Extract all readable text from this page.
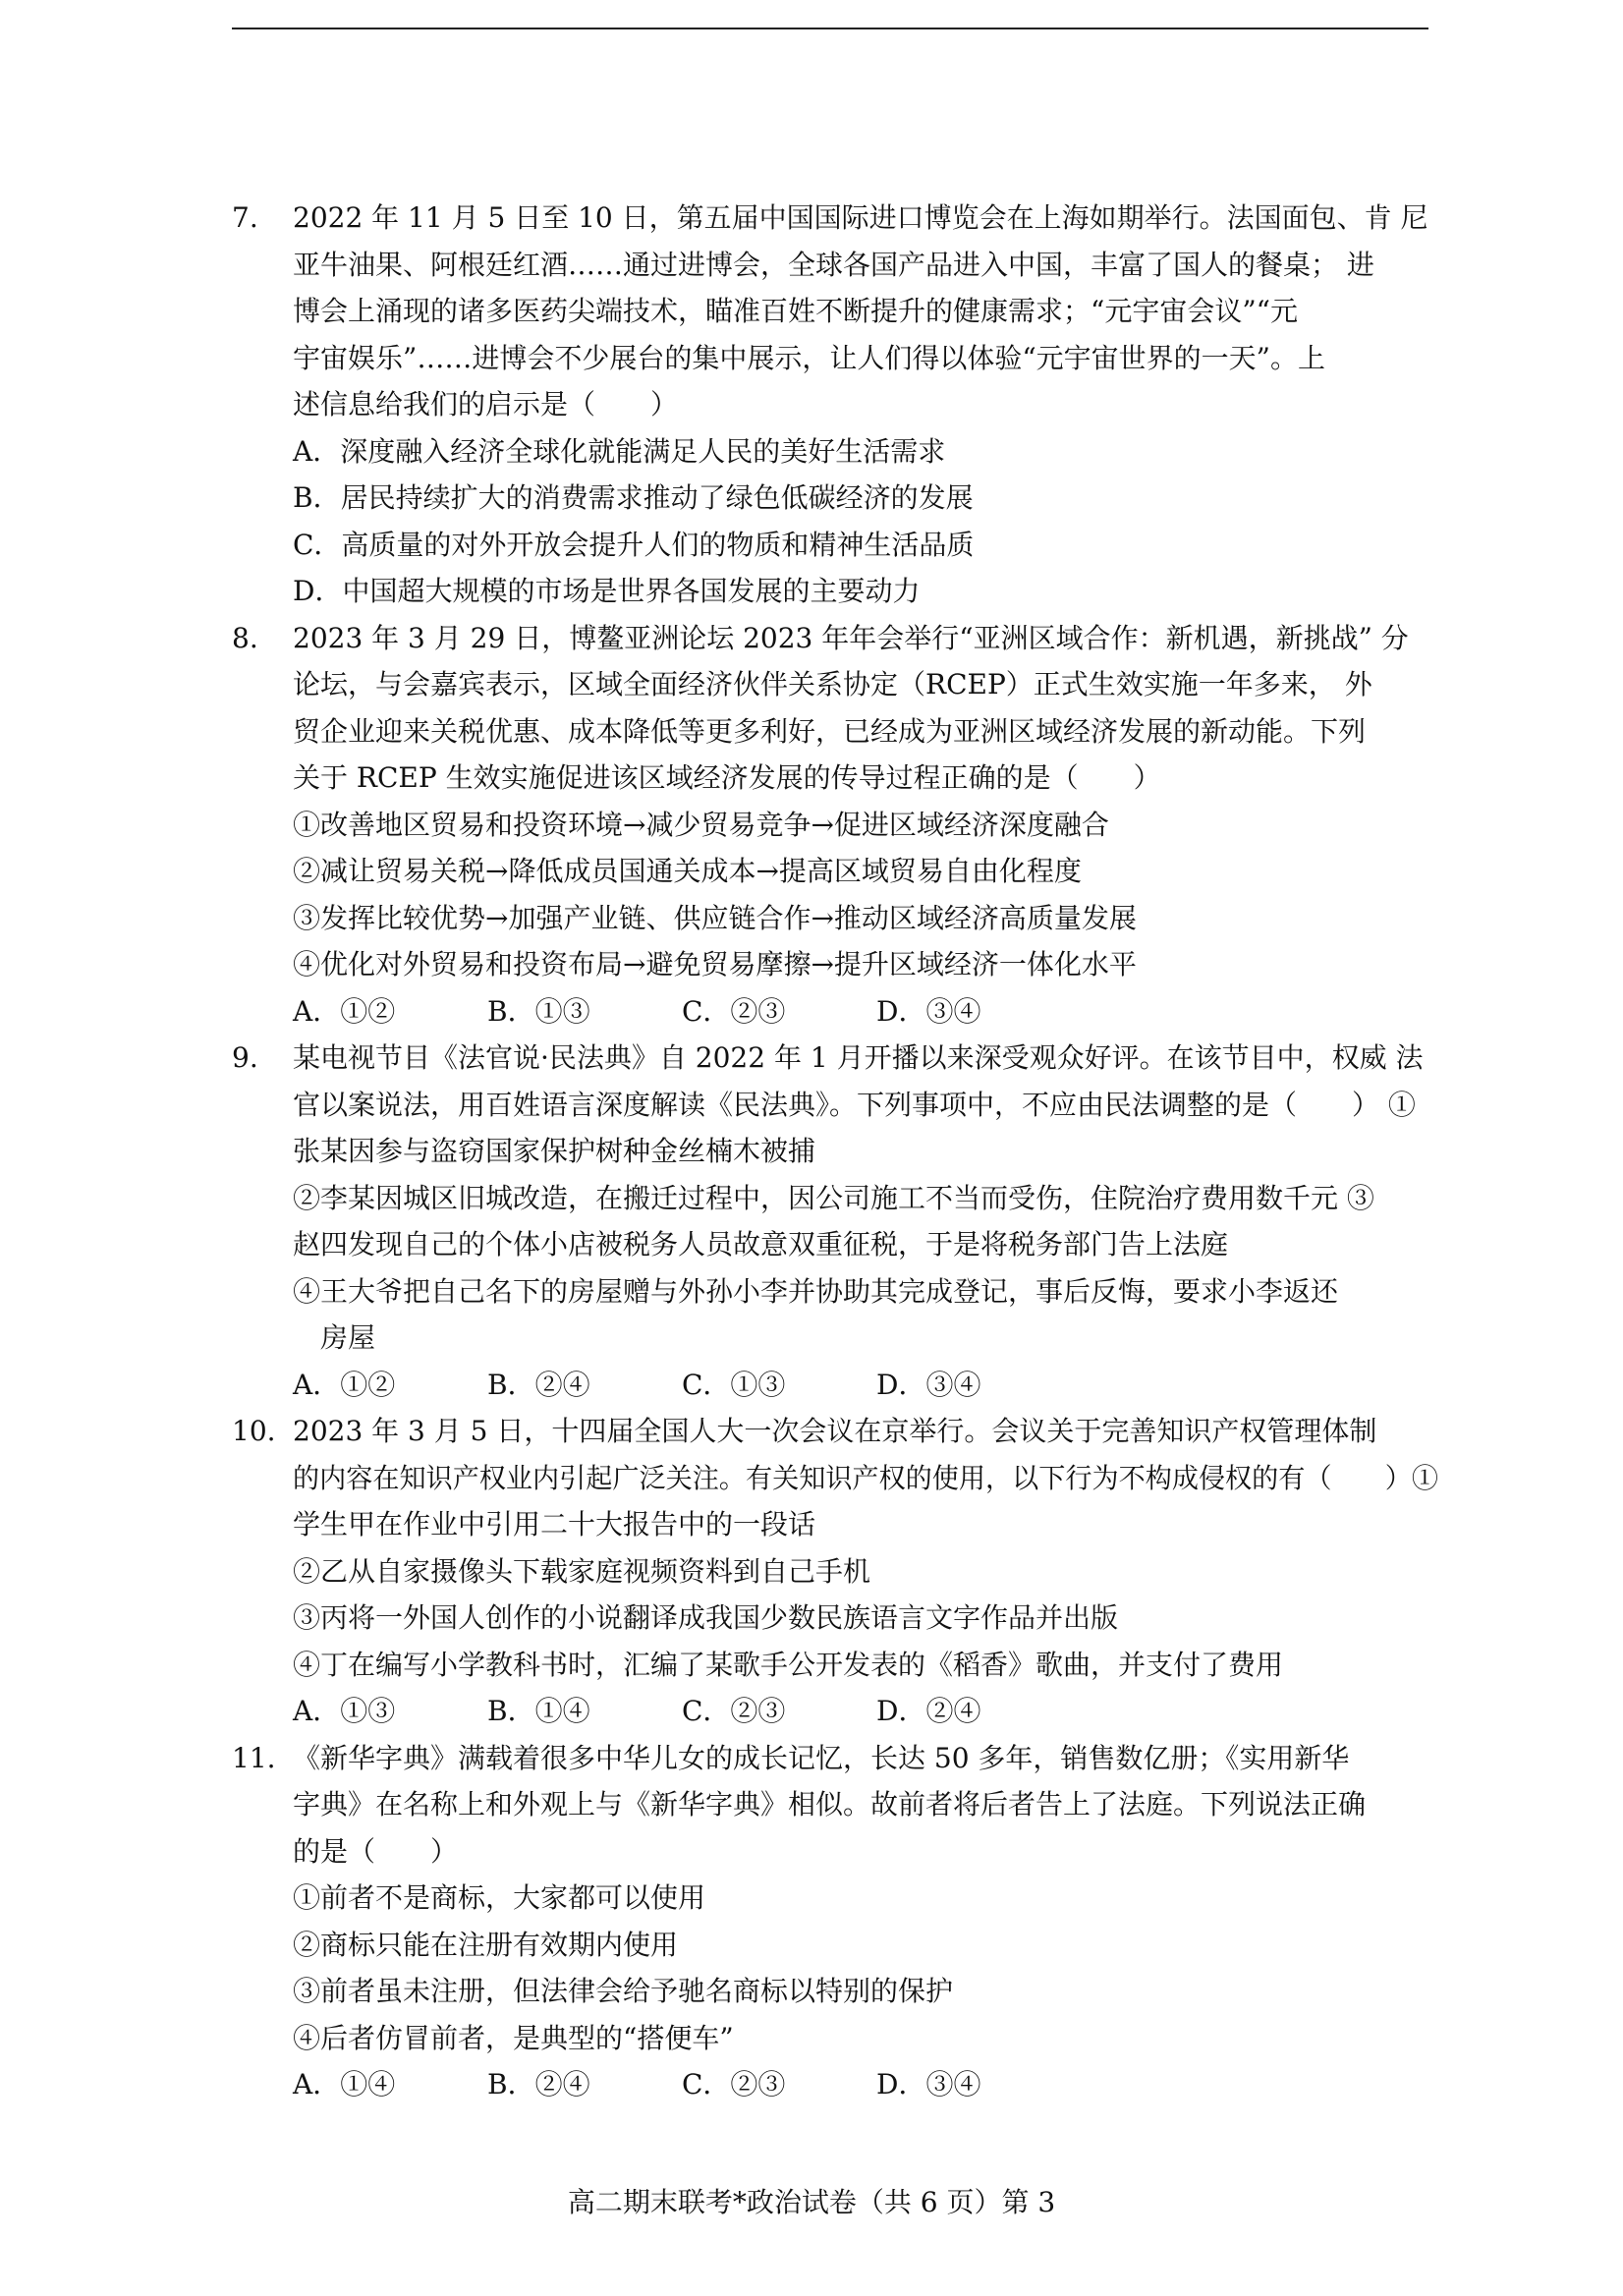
7. 2022 年 11 月 5 日至 10 日，第五届中国国际进口博览会在上海如期举行。法国面包、肯 尼
亚牛油果、阿根廷红酒……通过进博会，全球各国产品进入中国，丰富了国人的餐桌； 进
博会上涌现的诸多医药尖端技术，瞄准百姓不断提升的健康需求；“元宇宙会议”“元
宇宙娱乐”……进博会不少展台的集中展示，让人们得以体验“元宇宙世界的一天”。上
述信息给我们的启示是（　　）
A．深度融入经济全球化就能满足人民的美好生活需求
B．居民持续扩大的消费需求推动了绿色低碳经济的发展
C．高质量的对外开放会提升人们的物质和精神生活品质
D．中国超大规模的市场是世界各国发展的主要动力
8. 2023 年 3 月 29 日，博鳌亚洲论坛 2023 年年会举行“亚洲区域合作：新机遇，新挑战” 分
论坛，与会嘉宾表示，区域全面经济伙伴关系协定（RCEP）正式生效实施一年多来， 外
贸企业迎来关税优惠、成本降低等更多利好，已经成为亚洲区域经济发展的新动能。下列
关于 RCEP 生效实施促进该区域经济发展的传导过程正确的是（　　）
①改善地区贸易和投资环境→减少贸易竞争→促进区域经济深度融合
②减让贸易关税→降低成员国通关成本→提高区域贸易自由化程度
③发挥比较优势→加强产业链、供应链合作→推动区域经济高质量发展
④优化对外贸易和投资布局→避免贸易摩擦→提升区域经济一体化水平
A．①②	B．①③	C．②③	D．③④
9. 某电视节目《法官说·民法典》自 2022 年 1 月开播以来深受观众好评。在该节目中，权威 法
官以案说法，用百姓语言深度解读《民法典》。下列事项中，不应由民法调整的是（　　） ①
张某因参与盗窃国家保护树种金丝楠木被捕
②李某因城区旧城改造，在搬迁过程中，因公司施工不当而受伤，住院治疗费用数千元 ③
赵四发现自己的个体小店被税务人员故意双重征税，于是将税务部门告上法庭
④王大爷把自己名下的房屋赠与外孙小李并协助其完成登记，事后反悔，要求小李返还
房屋
A．①②	B．②④	C．①③	D．③④
10. 2023 年 3 月 5 日，十四届全国人大一次会议在京举行。会议关于完善知识产权管理体制
的内容在知识产权业内引起广泛关注。有关知识产权的使用，以下行为不构成侵权的有（　　）①
学生甲在作业中引用二十大报告中的一段话
②乙从自家摄像头下载家庭视频资料到自己手机
③丙将一外国人创作的小说翻译成我国少数民族语言文字作品并出版
④丁在编写小学教科书时，汇编了某歌手公开发表的《稻香》歌曲，并支付了费用
A．①③	B．①④	C．②③	D．②④
11. 《新华字典》满载着很多中华儿女的成长记忆，长达 50 多年，销售数亿册；《实用新华
字典》在名称上和外观上与《新华字典》相似。故前者将后者告上了法庭。下列说法正确
的是（　　）
①前者不是商标，大家都可以使用
②商标只能在注册有效期内使用
③前者虽未注册，但法律会给予驰名商标以特别的保护
④后者仿冒前者，是典型的“搭便车”
A．①④	B．②④	C．②③	D．③④
高二期末联考*政治试卷（共 6 页）第 3
